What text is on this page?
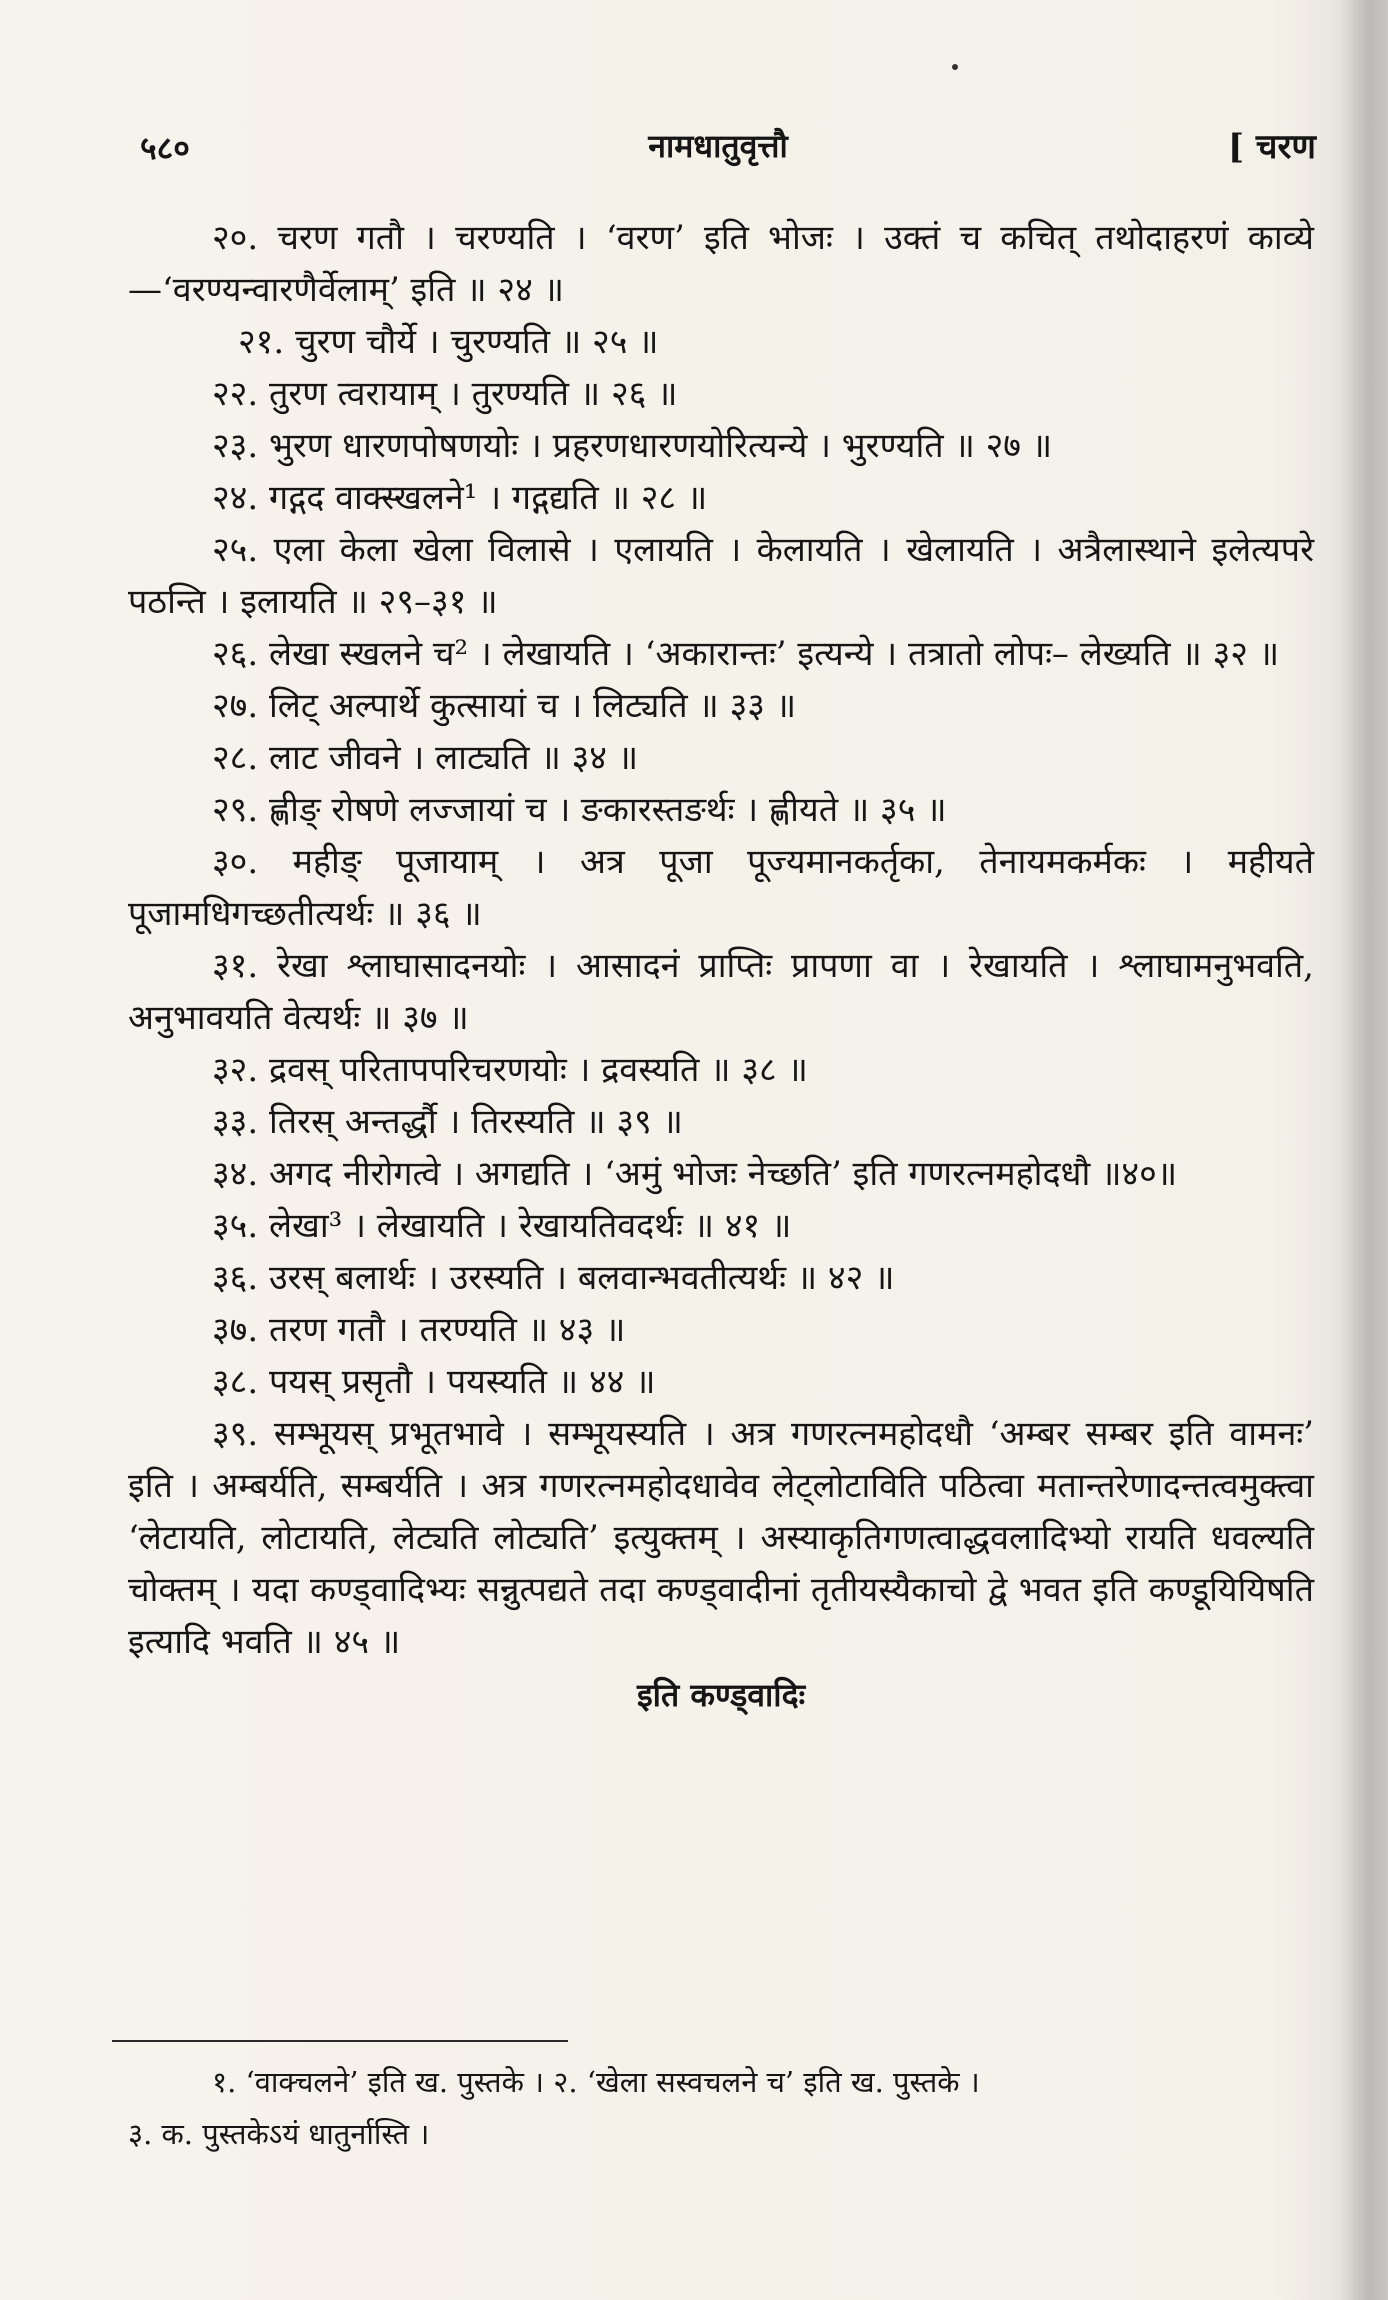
५८०	नामधातुवृत्तौ	[ चरण

२०. चरण गतौ । चरण्यति । ‘वरण’ इति भोजः । उक्तं च कचित् तथोदाहरणं काव्ये—‘वरण्यन्वारणैर्वेलाम्’ इति ॥ २४ ॥

२१. चुरण चौर्ये । चुरण्यति ॥ २५ ॥

२२. तुरण त्वरायाम् । तुरण्यति ॥ २६ ॥

२३. भुरण धारणपोषणयोः । प्रहरणधारणयोरित्यन्ये । भुरण्यति ॥ २७ ॥

२४. गद्गद वाक्स्खलने¹ । गद्गद्यति ॥ २८ ॥

२५. एला केला खेला विलासे । एलायति । केलायति । खेलायति । अत्रैलास्थाने इलेत्यपरे पठन्ति । इलायति ॥ २९–३१ ॥

२६. लेखा स्खलने च² । लेखायति । ‘अकारान्तः’ इत्यन्ये । तत्रातो लोपः– लेख्यति ॥ ३२ ॥

२७. लिट् अल्पार्थे कुत्सायां च । लिट्यति ॥ ३३ ॥

२८. लाट जीवने । लाट्यति ॥ ३४ ॥

२९. ह्णीङ् रोषणे लज्जायां च । ङकारस्तङर्थः । ह्णीयते ॥ ३५ ॥

३०. महीङ् पूजायाम् । अत्र पूजा पूज्यमानकर्तृका, तेनायमकर्मकः । महीयते पूजामधिगच्छतीत्यर्थः ॥ ३६ ॥

३१. रेखा श्लाघासादनयोः । आसादनं प्राप्तिः प्रापणा वा । रेखायति । श्लाघामनुभवति, अनुभावयति वेत्यर्थः ॥ ३७ ॥

३२. द्रवस् परितापपरिचरणयोः । द्रवस्यति ॥ ३८ ॥

३३. तिरस् अन्तर्द्धौ । तिरस्यति ॥ ३९ ॥

३४. अगद नीरोगत्वे । अगद्यति । ‘अमुं भोजः नेच्छति’ इति गणरत्नमहोदधौ ॥४०॥

३५. लेखा³ । लेखायति । रेखायतिवदर्थः ॥ ४१ ॥

३६. उरस् बलार्थः । उरस्यति । बलवान्भवतीत्यर्थः ॥ ४२ ॥

३७. तरण गतौ । तरण्यति ॥ ४३ ॥

३८. पयस् प्रसृतौ । पयस्यति ॥ ४४ ॥

३९. सम्भूयस् प्रभूतभावे । सम्भूयस्यति । अत्र गणरत्नमहोदधौ ‘अम्बर सम्बर इति वामनः’ इति । अम्बर्यति, सम्बर्यति । अत्र गणरत्नमहोदधावेव लेट्लोटाविति पठित्वा मतान्तरेणादन्तत्वमुक्त्वा ‘लेटायति, लोटायति, लेट्यति लोट्यति’ इत्युक्तम् । अस्याकृतिगणत्वाद्धवलादिभ्यो रायति धवल्यति चोक्तम् । यदा कण्ड्वादिभ्यः सन्नुत्पद्यते तदा कण्ड्वादीनां तृतीयस्यैकाचो द्वे भवत इति कण्डूयियिषति इत्यादि भवति ॥ ४५ ॥

इति कण्ड्वादिः

१. ‘वाक्चलने’ इति ख. पुस्तके । २. ‘खेला सस्वचलने च’ इति ख. पुस्तके ।

३. क. पुस्तकेऽयं धातुर्नास्ति ।
